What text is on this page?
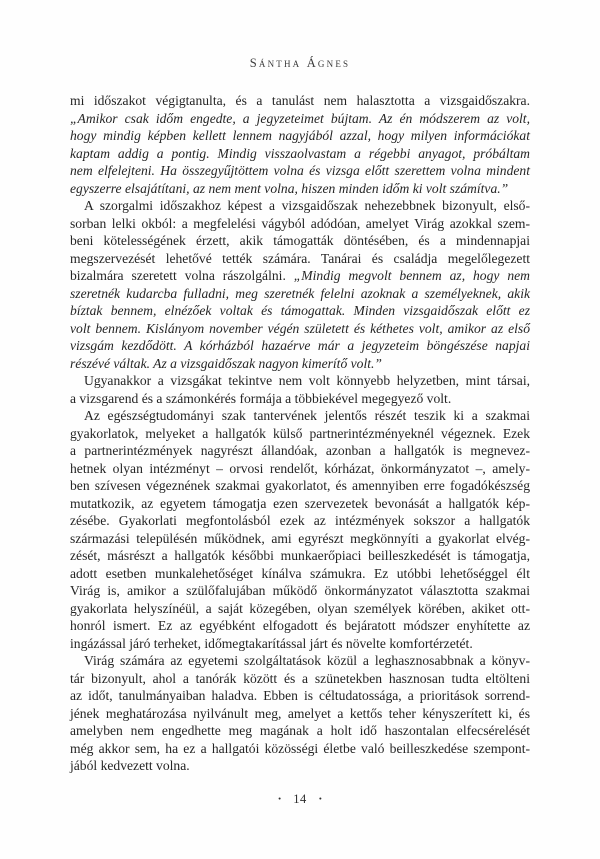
Sántha Ágnes
mi időszakot végigtanulta, és a tanulást nem halasztotta a vizsgaidőszakra.
„Amikor csak időm engedte, a jegyzeteimet bújtam. Az én módszerem az volt,
hogy mindig képben kellett lennem nagyjából azzal, hogy milyen információkat
kaptam addig a pontig. Mindig visszaolvastam a régebbi anyagot, próbáltam
nem elfelejteni. Ha összegyűjtöttem volna és vizsga előtt szerettem volna mindent
egyszerre elsajátítani, az nem ment volna, hiszen minden időm ki volt számítva.”
A szorgalmi időszakhoz képest a vizsgaidőszak nehezebbnek bizonyult, első-
sorban lelki okból: a megfelelési vágyból adódóan, amelyet Virág azokkal szem-
beni kötelességének érzett, akik támogatták döntésében, és a mindennapjai
megszervezését lehetővé tették számára. Tanárai és családja megelőlegezett
bizalmára szeretett volna rászolgálni. „Mindig megvolt bennem az, hogy nem
szeretnék kudarcba fulladni, meg szeretnék felelni azoknak a személyeknek, akik
bíztak bennem, elnézőek voltak és támogattak. Minden vizsgaidőszak előtt ez
volt bennem. Kislányom november végén született és kéthetes volt, amikor az első
vizsgám kezdődött. A kórházból hazaérve már a jegyzeteim böngészése napjai
részévé váltak. Az a vizsgaidőszak nagyon kimerítő volt.”
Ugyanakkor a vizsgákat tekintve nem volt könnyebb helyzetben, mint társai,
a vizsgarend és a számonkérés formája a többiekével megegyező volt.
Az egészségtudományi szak tantervének jelentős részét teszik ki a szakmai
gyakorlatok, melyeket a hallgatók külső partnerintézményeknél végeznek. Ezek
a partnerintézmények nagyrészt állandóak, azonban a hallgatók is megnevez-
hetnek olyan intézményt – orvosi rendelőt, kórházat, önkormányzatot –, amely-
ben szívesen végeznének szakmai gyakorlatot, és amennyiben erre fogadókészség
mutatkozik, az egyetem támogatja ezen szervezetek bevonását a hallgatók kép-
zésébe. Gyakorlati megfontolásból ezek az intézmények sokszor a hallgatók
származási településén működnek, ami egyrészt megkönnyíti a gyakorlat elvég-
zését, másrészt a hallgatók későbbi munkaerőpiaci beilleszkedését is támogatja,
adott esetben munkalehetőséget kínálva számukra. Ez utóbbi lehetőséggel élt
Virág is, amikor a szülőfalujában működő önkormányzatot választotta szakmai
gyakorlata helyszínéül, a saját közegében, olyan személyek körében, akiket ott-
honról ismert. Ez az egyébként elfogadott és bejáratott módszer enyhítette az
ingázással járó terheket, időmegtakarítással járt és növelte komfortérzetét.
Virág számára az egyetemi szolgáltatások közül a leghasznosabbnak a könyv-
tár bizonyult, ahol a tanórák között és a szünetekben hasznosan tudta eltölteni
az időt, tanulmányaiban haladva. Ebben is céltudatossága, a prioritások sorrend-
jének meghatározása nyilvánult meg, amelyet a kettős teher kényszerített ki, és
amelyben nem engedhette meg magának a holt idő haszontalan elfecsérelését
még akkor sem, ha ez a hallgatói közösségi életbe való beilleszkedése szempont-
jából kedvezett volna.
• 14 •
